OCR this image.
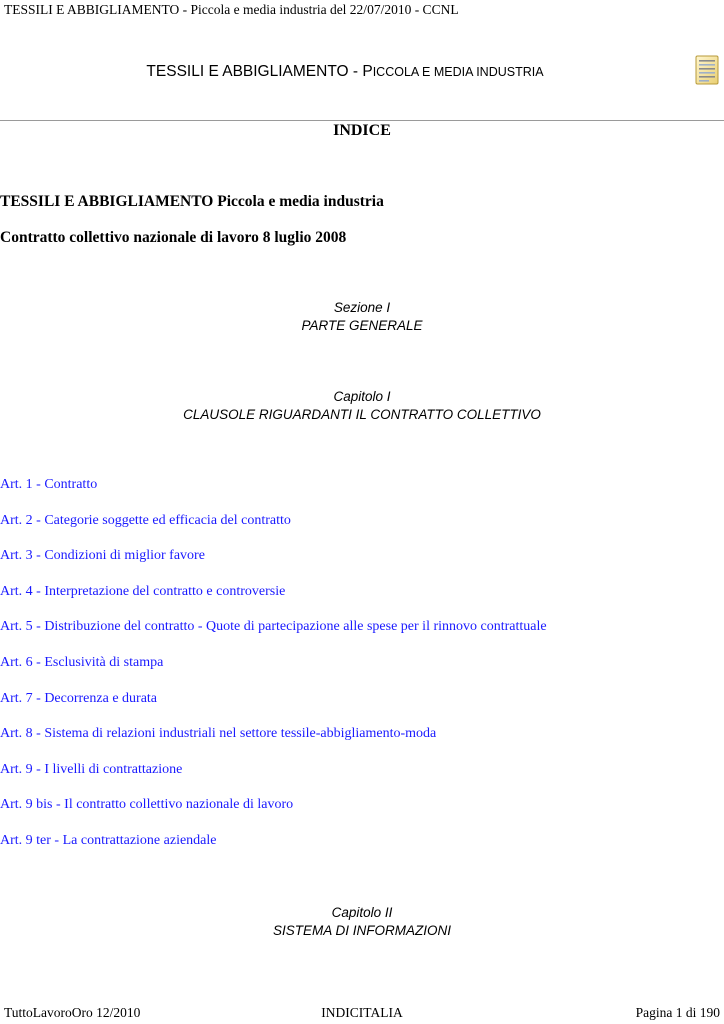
TESSILI E ABBIGLIAMENTO - Piccola e media industria del 22/07/2010 - CCNL
TESSILI E ABBIGLIAMENTO - PICCOLA E MEDIA INDUSTRIA
INDICE
TESSILI E ABBIGLIAMENTO Piccola e media industria
Contratto collettivo nazionale di lavoro 8 luglio 2008
Sezione I
PARTE GENERALE
Capitolo I
CLAUSOLE RIGUARDANTI IL CONTRATTO COLLETTIVO
Art. 1 - Contratto
Art. 2 - Categorie soggette ed efficacia del contratto
Art. 3 - Condizioni di miglior favore
Art. 4 - Interpretazione del contratto e controversie
Art. 5 - Distribuzione del contratto - Quote di partecipazione alle spese per il rinnovo contrattuale
Art. 6 - Esclusività di stampa
Art. 7 - Decorrenza e durata
Art. 8 - Sistema di relazioni industriali nel settore tessile-abbigliamento-moda
Art. 9 - I livelli di contrattazione
Art. 9 bis - Il contratto collettivo nazionale di lavoro
Art. 9 ter - La contrattazione aziendale
Capitolo II
SISTEMA DI INFORMAZIONI
TuttoLavoroOro 12/2010	INDICITALIA	Pagina 1 di 190
